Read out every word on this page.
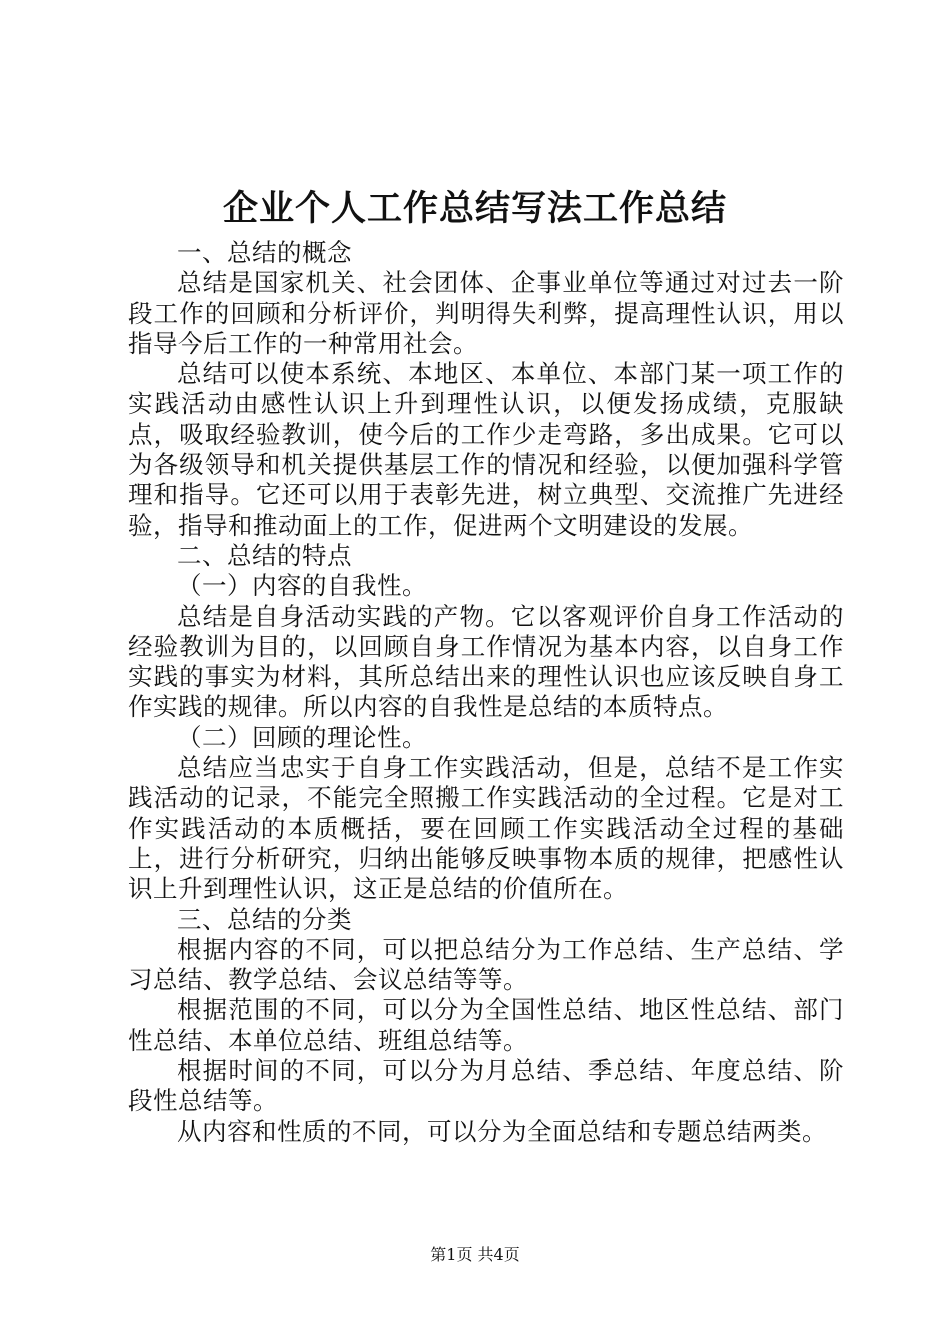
企业个人工作总结写法工作总结

一、总结的概念

总结是国家机关、社会团体、企事业单位等通过对过去一阶段工作的回顾和分析评价，判明得失利弊，提高理性认识，用以指导今后工作的一种常用社会。

总结可以使本系统、本地区、本单位、本部门某一项工作的实践活动由感性认识上升到理性认识，以便发扬成绩，克服缺点，吸取经验教训，使今后的工作少走弯路，多出成果。它可以为各级领导和机关提供基层工作的情况和经验，以便加强科学管理和指导。它还可以用于表彰先进，树立典型、交流推广先进经验，指导和推动面上的工作，促进两个文明建设的发展。

二、总结的特点

（一）内容的自我性。

总结是自身活动实践的产物。它以客观评价自身工作活动的经验教训为目的，以回顾自身工作情况为基本内容，以自身工作实践的事实为材料，其所总结出来的理性认识也应该反映自身工作实践的规律。所以内容的自我性是总结的本质特点。

（二）回顾的理论性。

总结应当忠实于自身工作实践活动，但是，总结不是工作实践活动的记录，不能完全照搬工作实践活动的全过程。它是对工作实践活动的本质概括，要在回顾工作实践活动全过程的基础上，进行分析研究，归纳出能够反映事物本质的规律，把感性认识上升到理性认识，这正是总结的价值所在。

三、总结的分类

根据内容的不同，可以把总结分为工作总结、生产总结、学习总结、教学总结、会议总结等等。

根据范围的不同，可以分为全国性总结、地区性总结、部门性总结、本单位总结、班组总结等。

根据时间的不同，可以分为月总结、季总结、年度总结、阶段性总结等。

从内容和性质的不同，可以分为全面总结和专题总结两类。

第1页 共4页
